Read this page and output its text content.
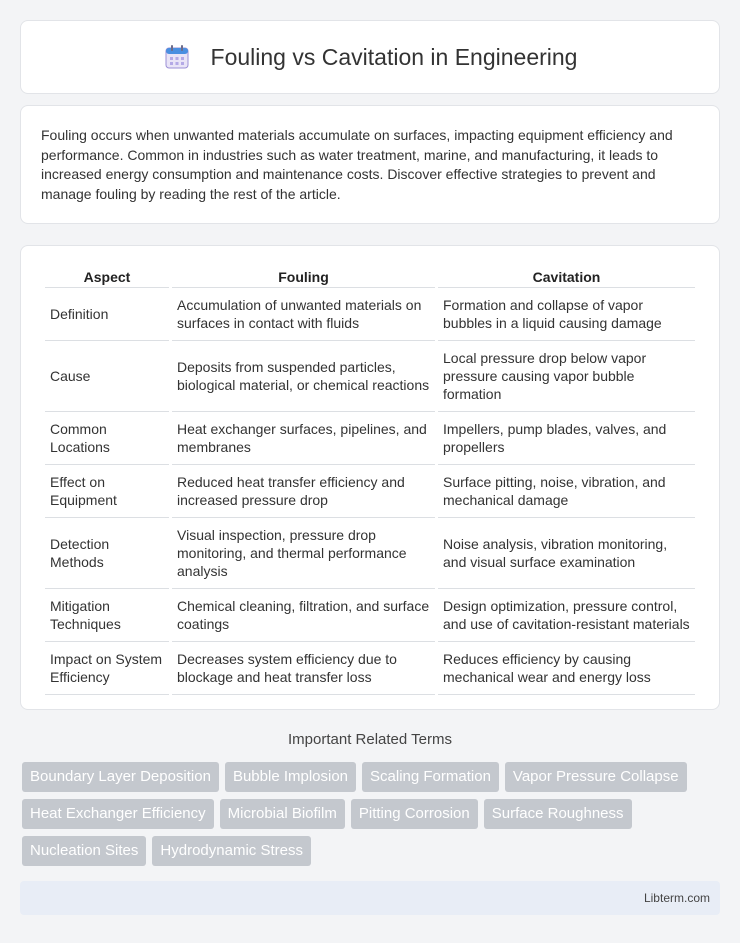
Fouling vs Cavitation in Engineering

Fouling occurs when unwanted materials accumulate on surfaces, impacting equipment efficiency and performance. Common in industries such as water treatment, marine, and manufacturing, it leads to increased energy consumption and maintenance costs. Discover effective strategies to prevent and manage fouling by reading the rest of the article.

Aspect	Fouling	Cavitation
Definition	Accumulation of unwanted materials on surfaces in contact with fluids	Formation and collapse of vapor bubbles in a liquid causing damage
Cause	Deposits from suspended particles, biological material, or chemical reactions	Local pressure drop below vapor pressure causing vapor bubble formation
Common Locations	Heat exchanger surfaces, pipelines, and membranes	Impellers, pump blades, valves, and propellers
Effect on Equipment	Reduced heat transfer efficiency and increased pressure drop	Surface pitting, noise, vibration, and mechanical damage
Detection Methods	Visual inspection, pressure drop monitoring, and thermal performance analysis	Noise analysis, vibration monitoring, and visual surface examination
Mitigation Techniques	Chemical cleaning, filtration, and surface coatings	Design optimization, pressure control, and use of cavitation-resistant materials
Impact on System Efficiency	Decreases system efficiency due to blockage and heat transfer loss	Reduces efficiency by causing mechanical wear and energy loss
Important Related Terms
Boundary Layer Deposition	Bubble Implosion	Scaling Formation	Vapor Pressure Collapse
Heat Exchanger Efficiency	Microbial Biofilm	Pitting Corrosion	Surface Roughness
Nucleation Sites	Hydrodynamic Stress
Libterm.com
